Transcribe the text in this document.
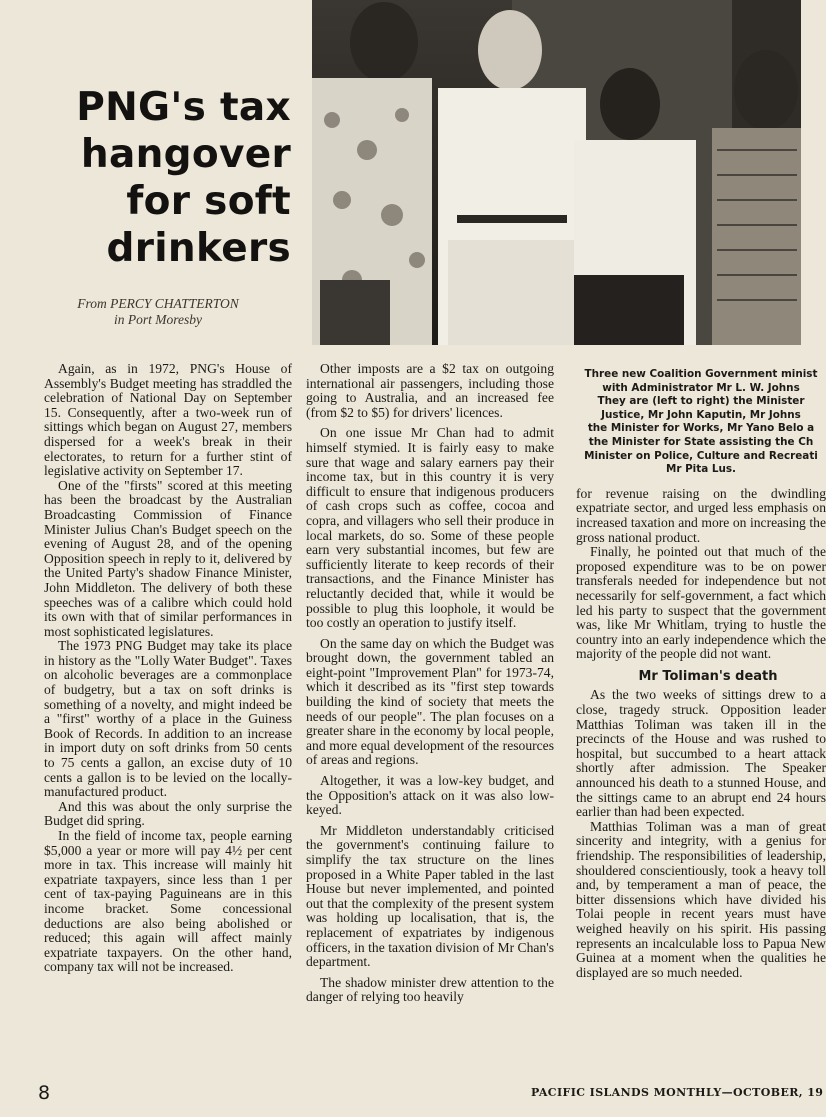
PNG's tax
hangover
for soft
drinkers
From PERCY CHATTERTON
in Port Moresby

Again, as in 1972, PNG's House of Assembly's Budget meeting has straddled the celebration of National Day on September 15. Consequently, after a two-week run of sittings which began on August 27, members dispersed for a week's break in their electorates, to return for a further stint of legislative activity on September 17.

One of the "firsts" scored at this meeting has been the broadcast by the Australian Broadcasting Commission of Finance Minister Julius Chan's Budget speech on the evening of August 28, and of the opening Opposition speech in reply to it, delivered by the United Party's shadow Finance Minister, John Middleton. The delivery of both these speeches was of a calibre which could hold its own with that of similar performances in most sophisticated legislatures.

The 1973 PNG Budget may take its place in history as the "Lolly Water Budget". Taxes on alcoholic beverages are a commonplace of budgetry, but a tax on soft drinks is something of a novelty, and might indeed be a "first" worthy of a place in the Guiness Book of Records. In addition to an increase in import duty on soft drinks from 50 cents to 75 cents a gallon, an excise duty of 10 cents a gallon is to be levied on the locally-manufactured product.

And this was about the only surprise the Budget did spring.

In the field of income tax, people earning $5,000 a year or more will pay 4½ per cent more in tax. This increase will mainly hit expatriate taxpayers, since less than 1 per cent of tax-paying Paguineans are in this income bracket. Some concessional deductions are also being abolished or reduced; this again will affect mainly expatriate taxpayers. On the other hand, company tax will not be increased.

Other imposts are a $2 tax on outgoing international air passengers, including those going to Australia, and an increased fee (from $2 to $5) for drivers' licences.

On one issue Mr Chan had to admit himself stymied. It is fairly easy to make sure that wage and salary earners pay their income tax, but in this country it is very difficult to ensure that indigenous producers of cash crops such as coffee, cocoa and copra, and villagers who sell their produce in local markets, do so. Some of these people earn very substantial incomes, but few are sufficiently literate to keep records of their transactions, and the Finance Minister has reluctantly decided that, while it would be possible to plug this loophole, it would be too costly an operation to justify itself.

On the same day on which the Budget was brought down, the government tabled an eight-point "Improvement Plan" for 1973-74, which it described as its "first step towards building the kind of society that meets the needs of our people". The plan focuses on a greater share in the economy by local people, and more equal development of the resources of areas and regions.

Altogether, it was a low-key budget, and the Opposition's attack on it was also low-keyed.

Mr Middleton understandably criticised the government's continuing failure to simplify the tax structure on the lines proposed in a White Paper tabled in the last House but never implemented, and pointed out that the complexity of the present system was holding up localisation, that is, the replacement of expatriates by indigenous officers, in the taxation division of Mr Chan's department.

The shadow minister drew attention to the danger of relying too heavily

Three new Coalition Government minist
with Administrator Mr L. W. Johns
They are (left to right) the Minister
Justice, Mr John Kaputin, Mr Johns
the Minister for Works, Mr Yano Belo a
the Minister for State assisting the Ch
Minister on Police, Culture and Recreati
Mr Pita Lus.

for revenue raising on the dwindling expatriate sector, and urged less emphasis on increased taxation and more on increasing the gross national product.

Finally, he pointed out that much of the proposed expenditure was to be on power transferals needed for independence but not necessarily for self-government, a fact which led his party to suspect that the government was, like Mr Whitlam, trying to hustle the country into an early independence which the majority of the people did not want.

Mr Toliman's death

As the two weeks of sittings drew to a close, tragedy struck. Opposition leader Matthias Toliman was taken ill in the precincts of the House and was rushed to hospital, but succumbed to a heart attack shortly after admission. The Speaker announced his death to a stunned House, and the sittings came to an abrupt end 24 hours earlier than had been expected.

Matthias Toliman was a man of great sincerity and integrity, with a genius for friendship. The responsibilities of leadership, shouldered conscientiously, took a heavy toll and, by temperament a man of peace, the bitter dissensions which have divided his Tolai people in recent years must have weighed heavily on his spirit. His passing represents an incalculable loss to Papua New Guinea at a moment when the qualities he displayed are so much needed.

8	PACIFIC ISLANDS MONTHLY—OCTOBER, 19
